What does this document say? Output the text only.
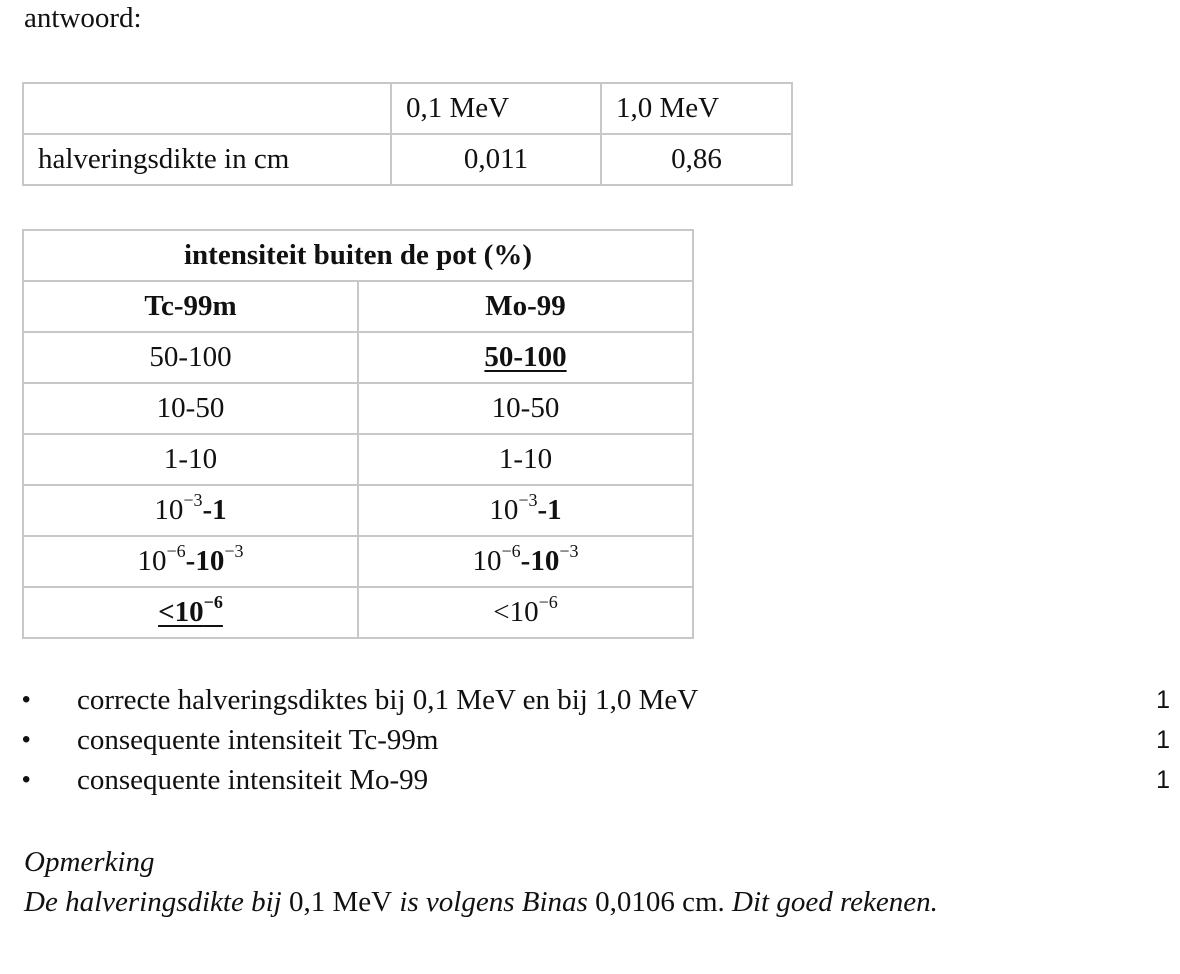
antwoord:
	0,1 MeV	1,0 MeV
halveringsdikte in cm	0,011	0,86
intensiteit buiten de pot (%)	
Tc-99m	Mo-99
50-100	50-100
10-50	10-50
1-10	1-10
$10^{-3}-1$	$10^{-3}-1$
$10^{-6}-10^{-3}$	$10^{-6}-10^{-3}$
$<10^{-6}$	$<10^{-6}$
• correcte halveringsdiktes bij 0,1 MeV en bij 1,0 MeV	1
• consequente intensiteit Tc-99m	1
• consequente intensiteit Mo-99	1
Opmerking
De halveringsdikte bij 0,1 MeV is volgens Binas 0,0106 cm. Dit goed rekenen.
